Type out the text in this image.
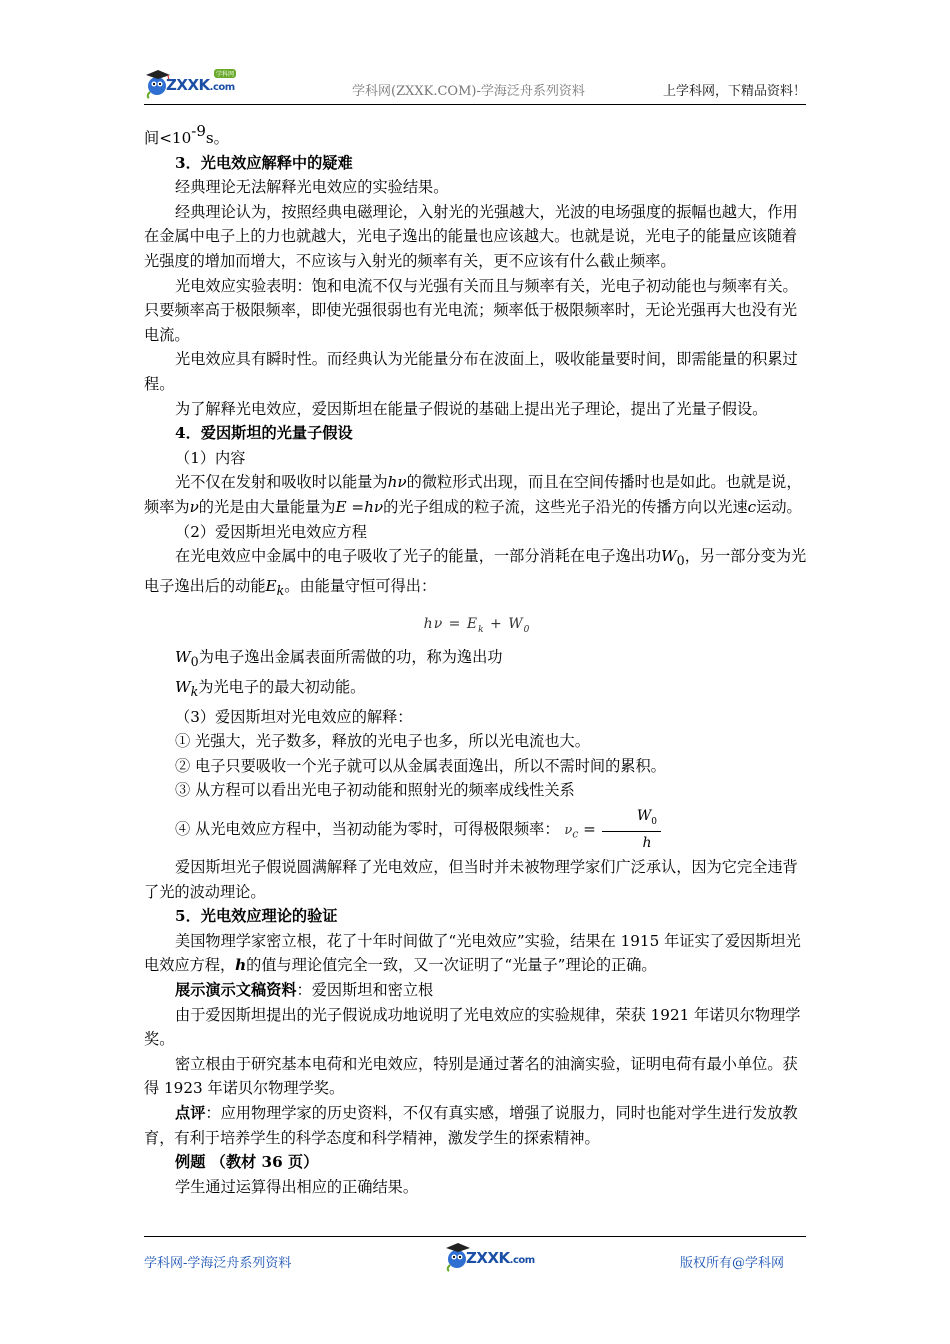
ZXXK.com
学科网
学科网(ZXXK.COM)-学海泛舟系列资料	上学科网，下精品资料！

间$<10^{-9}s$。

3．光电效应解释中的疑难

经典理论无法解释光电效应的实验结果。

经典理论认为，按照经典电磁理论，入射光的光强越大，光波的电场强度的振幅也越大，作用在金属中电子上的力也就越大，光电子逸出的能量也应该越大。也就是说，光电子的能量应该随着光强度的增加而增大，不应该与入射光的频率有关，更不应该有什么截止频率。

光电效应实验表明：饱和电流不仅与光强有关而且与频率有关，光电子初动能也与频率有关。只要频率高于极限频率，即使光强很弱也有光电流；频率低于极限频率时，无论光强再大也没有光电流。

光电效应具有瞬时性。而经典认为光能量分布在波面上，吸收能量要时间，即需能量的积累过程。

为了解释光电效应，爱因斯坦在能量子假说的基础上提出光子理论，提出了光量子假设。

4．爱因斯坦的光量子假设

（1）内容

光不仅在发射和吸收时以能量为hν的微粒形式出现，而且在空间传播时也是如此。也就是说，频率为ν的光是由大量能量为E =hν的光子组成的粒子流，这些光子沿光的传播方向以光速c运动。

（2）爱因斯坦光电效应方程

在光电效应中金属中的电子吸收了光子的能量，一部分消耗在电子逸出功$W_0$，另一部分变为光电子逸出后的动能$E_k$。由能量守恒可得出：

$h\nu = E_k + W_0$

$W_0$为电子逸出金属表面所需做的功，称为逸出功

$W_k$为光电子的最大初动能。

（3）爱因斯坦对光电效应的解释：

① 光强大，光子数多，释放的光电子也多，所以光电流也大。

② 电子只要吸收一个光子就可以从金属表面逸出，所以不需时间的累积。

③ 从方程可以看出光电子初动能和照射光的频率成线性关系

④ 从光电效应方程中，当初动能为零时，可得极限频率： $\nu_c = \frac{W_0}{h}$

爱因斯坦光子假说圆满解释了光电效应，但当时并未被物理学家们广泛承认，因为它完全违背了光的波动理论。

5．光电效应理论的验证

美国物理学家密立根，花了十年时间做了“光电效应”实验，结果在 1915 年证实了爱因斯坦光电效应方程，h的值与理论值完全一致，又一次证明了“光量子”理论的正确。

展示演示文稿资料：爱因斯坦和密立根

由于爱因斯坦提出的光子假说成功地说明了光电效应的实验规律，荣获 1921 年诺贝尔物理学奖。

密立根由于研究基本电荷和光电效应，特别是通过著名的油滴实验，证明电荷有最小单位。获得 1923 年诺贝尔物理学奖。

点评：应用物理学家的历史资料，不仅有真实感，增强了说服力，同时也能对学生进行发放教育，有利于培养学生的科学态度和科学精神，激发学生的探索精神。

例题 （教材 36 页）

学生通过运算得出相应的正确结果。

学科网-学海泛舟系列资料	ZXXK.com	版权所有@学科网
